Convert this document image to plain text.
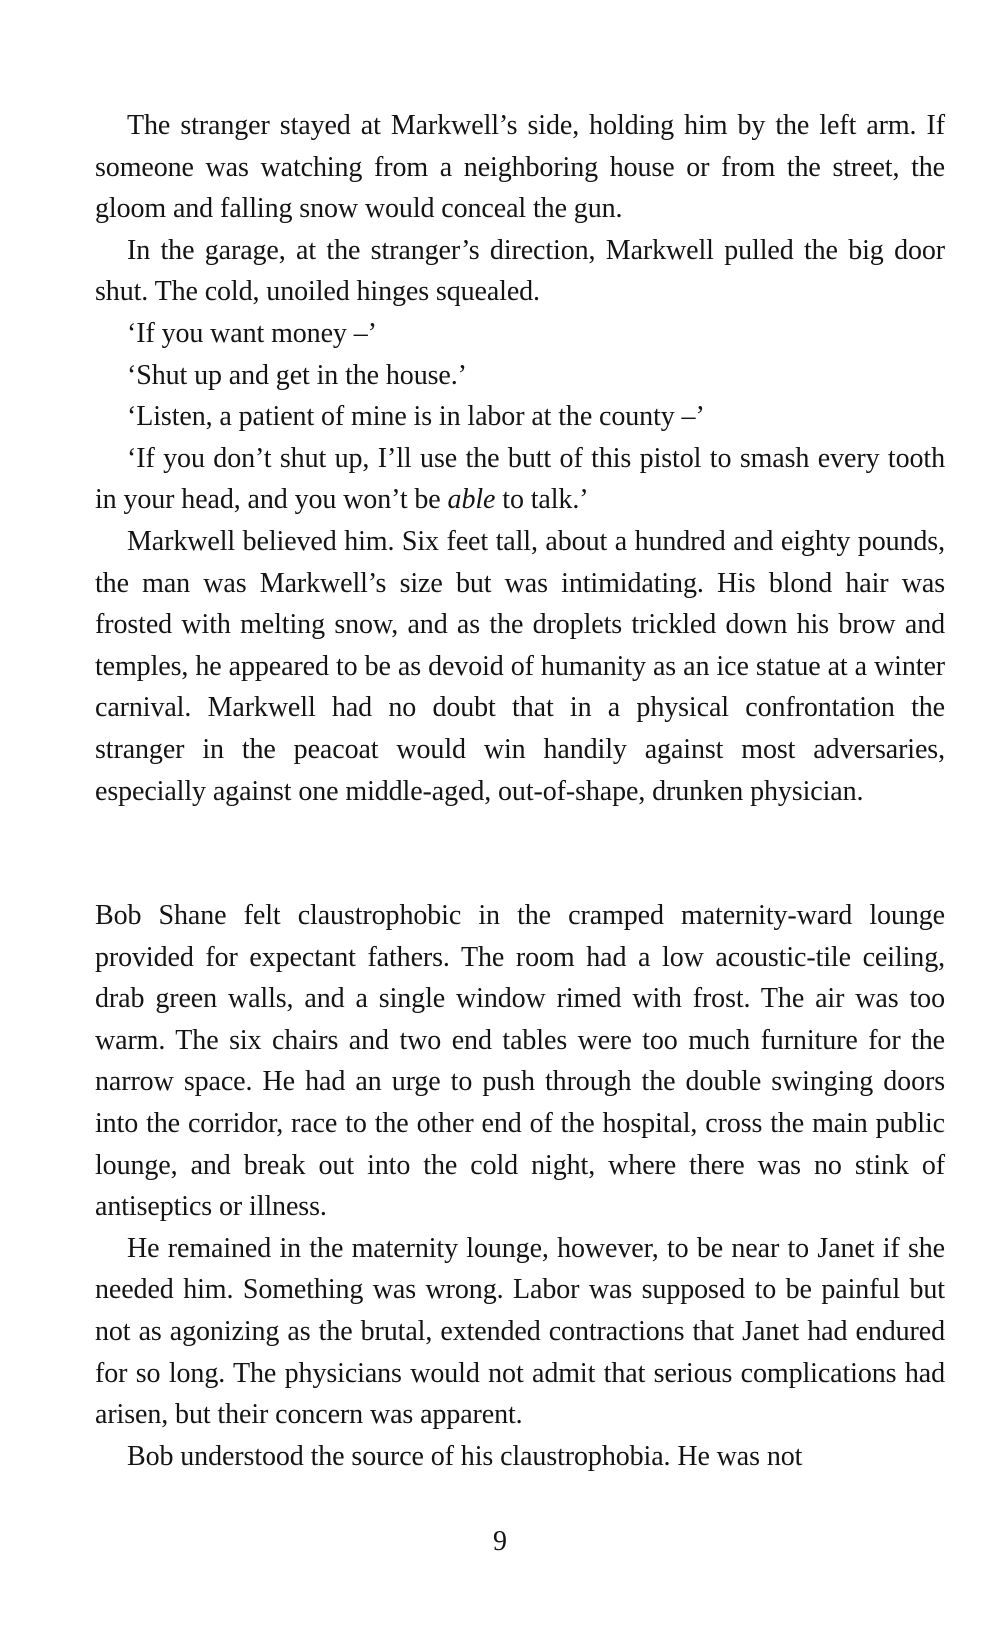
The stranger stayed at Markwell’s side, holding him by the left arm. If someone was watching from a neighboring house or from the street, the gloom and falling snow would conceal the gun.

In the garage, at the stranger’s direction, Markwell pulled the big door shut. The cold, unoiled hinges squealed.

‘If you want money –’

‘Shut up and get in the house.’

‘Listen, a patient of mine is in labor at the county –’

‘If you don’t shut up, I’ll use the butt of this pistol to smash every tooth in your head, and you won’t be able to talk.’

Markwell believed him. Six feet tall, about a hundred and eighty pounds, the man was Markwell’s size but was intimidating. His blond hair was frosted with melting snow, and as the droplets trickled down his brow and temples, he appeared to be as devoid of humanity as an ice statue at a winter carnival. Markwell had no doubt that in a physical confrontation the stranger in the peacoat would win handily against most adversaries, especially against one middle-aged, out-of-shape, drunken physician.

Bob Shane felt claustrophobic in the cramped maternity-ward lounge provided for expectant fathers. The room had a low acoustic-tile ceiling, drab green walls, and a single window rimed with frost. The air was too warm. The six chairs and two end tables were too much furniture for the narrow space. He had an urge to push through the double swinging doors into the corridor, race to the other end of the hospital, cross the main public lounge, and break out into the cold night, where there was no stink of antiseptics or illness.

He remained in the maternity lounge, however, to be near to Janet if she needed him. Something was wrong. Labor was supposed to be painful but not as agonizing as the brutal, extended contractions that Janet had endured for so long. The physicians would not admit that serious complications had arisen, but their concern was apparent.

Bob understood the source of his claustrophobia. He was not

9
